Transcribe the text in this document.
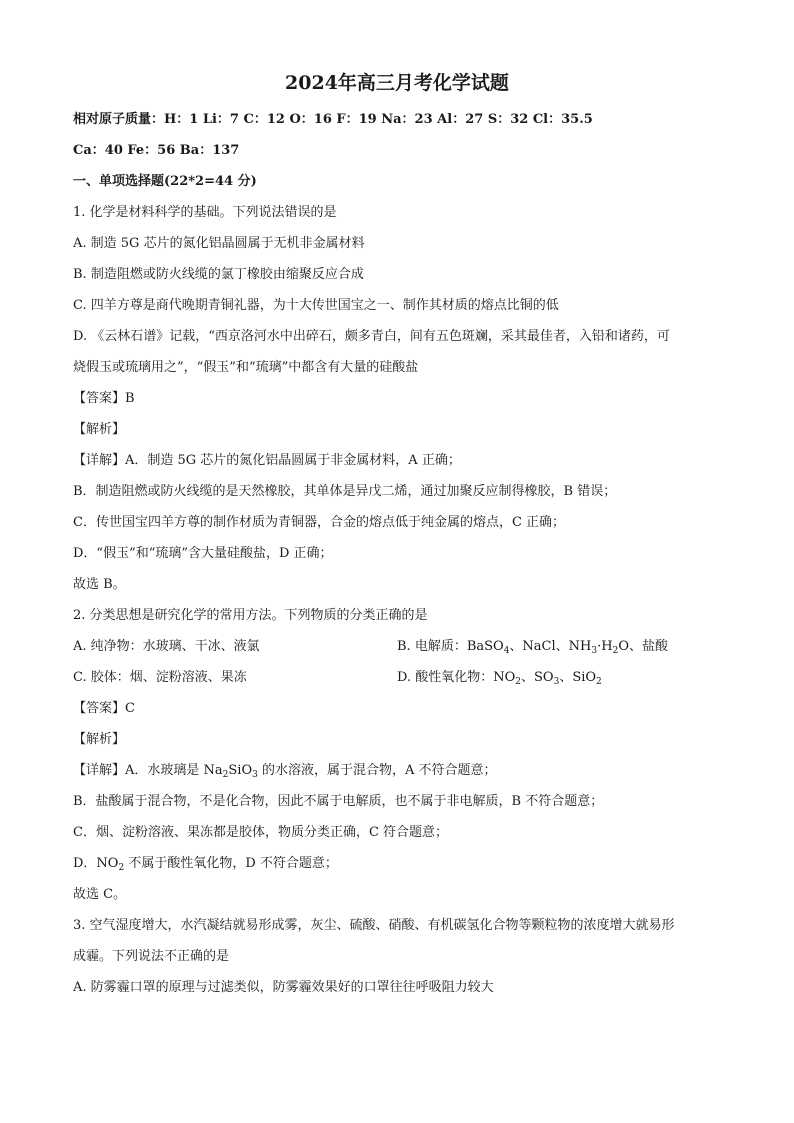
2024年高三月考化学试题
相对原子质量：H：1 Li：7 C：12 O：16 F：19 Na：23 Al：27 S：32 Cl：35.5
Ca：40 Fe：56 Ba：137
一、单项选择题(22*2=44 分)
1. 化学是材料科学的基础。下列说法错误的是
A. 制造 5G 芯片的氮化铝晶圆属于无机非金属材料
B. 制造阻燃或防火线缆的氯丁橡胶由缩聚反应合成
C. 四羊方尊是商代晚期青铜礼器，为十大传世国宝之一、制作其材质的熔点比铜的低
D. 《云林石谱》记载，“西京洛河水中出碎石，颇多青白，间有五色斑斓，采其最佳者，入铅和诸药，可
烧假玉或琉璃用之”，“假玉”和“琉璃”中都含有大量的硅酸盐
【答案】B
【解析】
【详解】A．制造 5G 芯片的氮化铝晶圆属于非金属材料，A 正确；
B．制造阻燃或防火线缆的是天然橡胶，其单体是异戊二烯，通过加聚反应制得橡胶，B 错误；
C．传世国宝四羊方尊的制作材质为青铜器，合金的熔点低于纯金属的熔点，C 正确；
D．“假玉”和“琉璃”含大量硅酸盐，D 正确；
故选 B。
2. 分类思想是研究化学的常用方法。下列物质的分类正确的是
A. 纯净物：水玻璃、干冰、液氯	B. 电解质：BaSO$_4$、NaCl、$NH_3\cdot H_2O$、盐酸
C. 胶体：烟、淀粉溶液、果冻	D. 酸性氧化物：$NO_2$、$SO_3$、SiO$_2$
【答案】C
【解析】
【详解】A．水玻璃是 $Na_2SiO_3$ 的水溶液，属于混合物，A 不符合题意；
B．盐酸属于混合物，不是化合物，因此不属于电解质，也不属于非电解质，B 不符合题意；
C．烟、淀粉溶液、果冻都是胶体，物质分类正确，C 符合题意；
D．$NO_2$ 不属于酸性氧化物，D 不符合题意；
故选 C。
3. 空气湿度增大，水汽凝结就易形成雾，灰尘、硫酸、硝酸、有机碳氢化合物等颗粒物的浓度增大就易形
成霾。下列说法不正确的是
A. 防雾霾口罩的原理与过滤类似，防雾霾效果好的口罩往往呼吸阻力较大
